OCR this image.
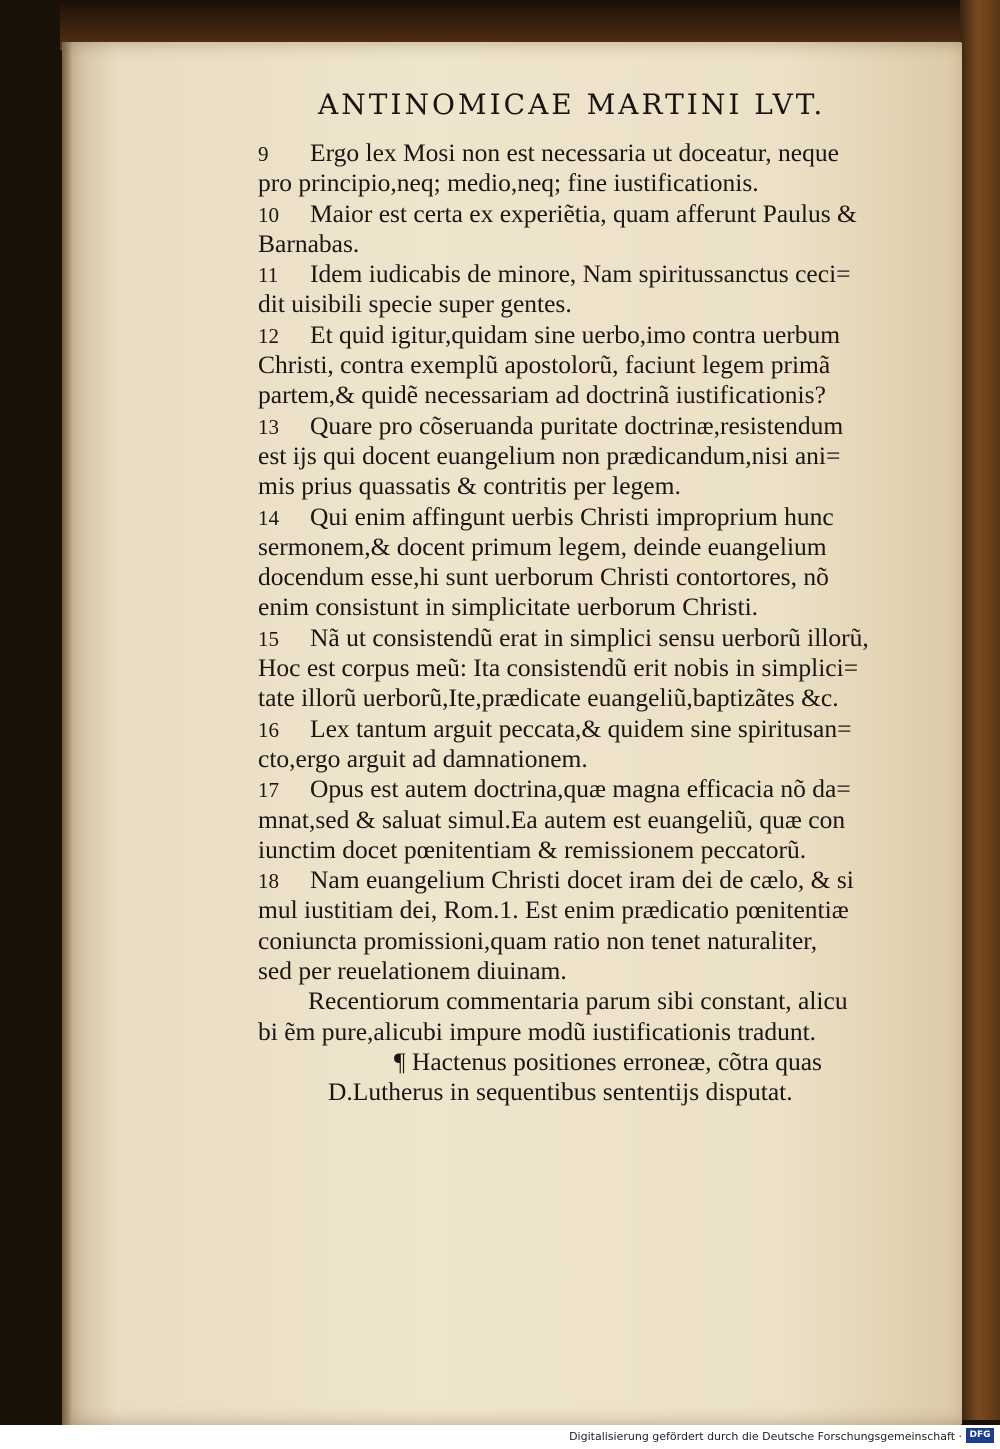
ANTINOMICAE MARTINI LVT.
9 Ergo lex Mosi non est necessaria ut doceatur, neque
pro principio,neq; medio,neq; fine iustificationis.
10 Maior est certa ex experiẽtia, quam afferunt Paulus &
Barnabas.
11 Idem iudicabis de minore, Nam spiritussanctus ceci=
dit uisibili specie super gentes.
12 Et quid igitur,quidam sine uerbo,imo contra uerbum
Christi, contra exemplũ apostolorũ, faciunt legem primã
partem,& quidẽ necessariam ad doctrinã iustificationis?
13 Quare pro cõseruanda puritate doctrinæ,resistendum
est ijs qui docent euangelium non prædicandum,nisi ani=
mis prius quassatis & contritis per legem.
14 Qui enim affingunt uerbis Christi improprium hunc
sermonem,& docent primum legem, deinde euangelium
docendum esse,hi sunt uerborum Christi contortores, nõ
enim consistunt in simplicitate uerborum Christi.
15 Nã ut consistendũ erat in simplici sensu uerborũ illorũ,
Hoc est corpus meũ: Ita consistendũ erit nobis in simplici=
tate illorũ uerborũ,Ite,prædicate euangeliũ,baptizãtes &c.
16 Lex tantum arguit peccata,& quidem sine spiritusan=
cto,ergo arguit ad damnationem.
17 Opus est autem doctrina,quæ magna efficacia nõ da=
mnat,sed & saluat simul.Ea autem est euangeliũ, quæ con
iunctim docet pœnitentiam & remissionem peccatorũ.
18 Nam euangelium Christi docet iram dei de cælo, & si
mul iustitiam dei, Rom.1. Est enim prædicatio pœnitentiæ
coniuncta promissioni,quam ratio non tenet naturaliter,
sed per reuelationem diuinam.
Recentiorum commentaria parum sibi constant, alicu
bi ẽm pure,alicubi impure modũ iustificationis tradunt.
¶ Hactenus positiones erroneæ, cõtra quas
D.Lutherus in sequentibus sententijs disputat.
Digitalisierung gefördert durch die Deutsche Forschungsgemeinschaft · DFG
